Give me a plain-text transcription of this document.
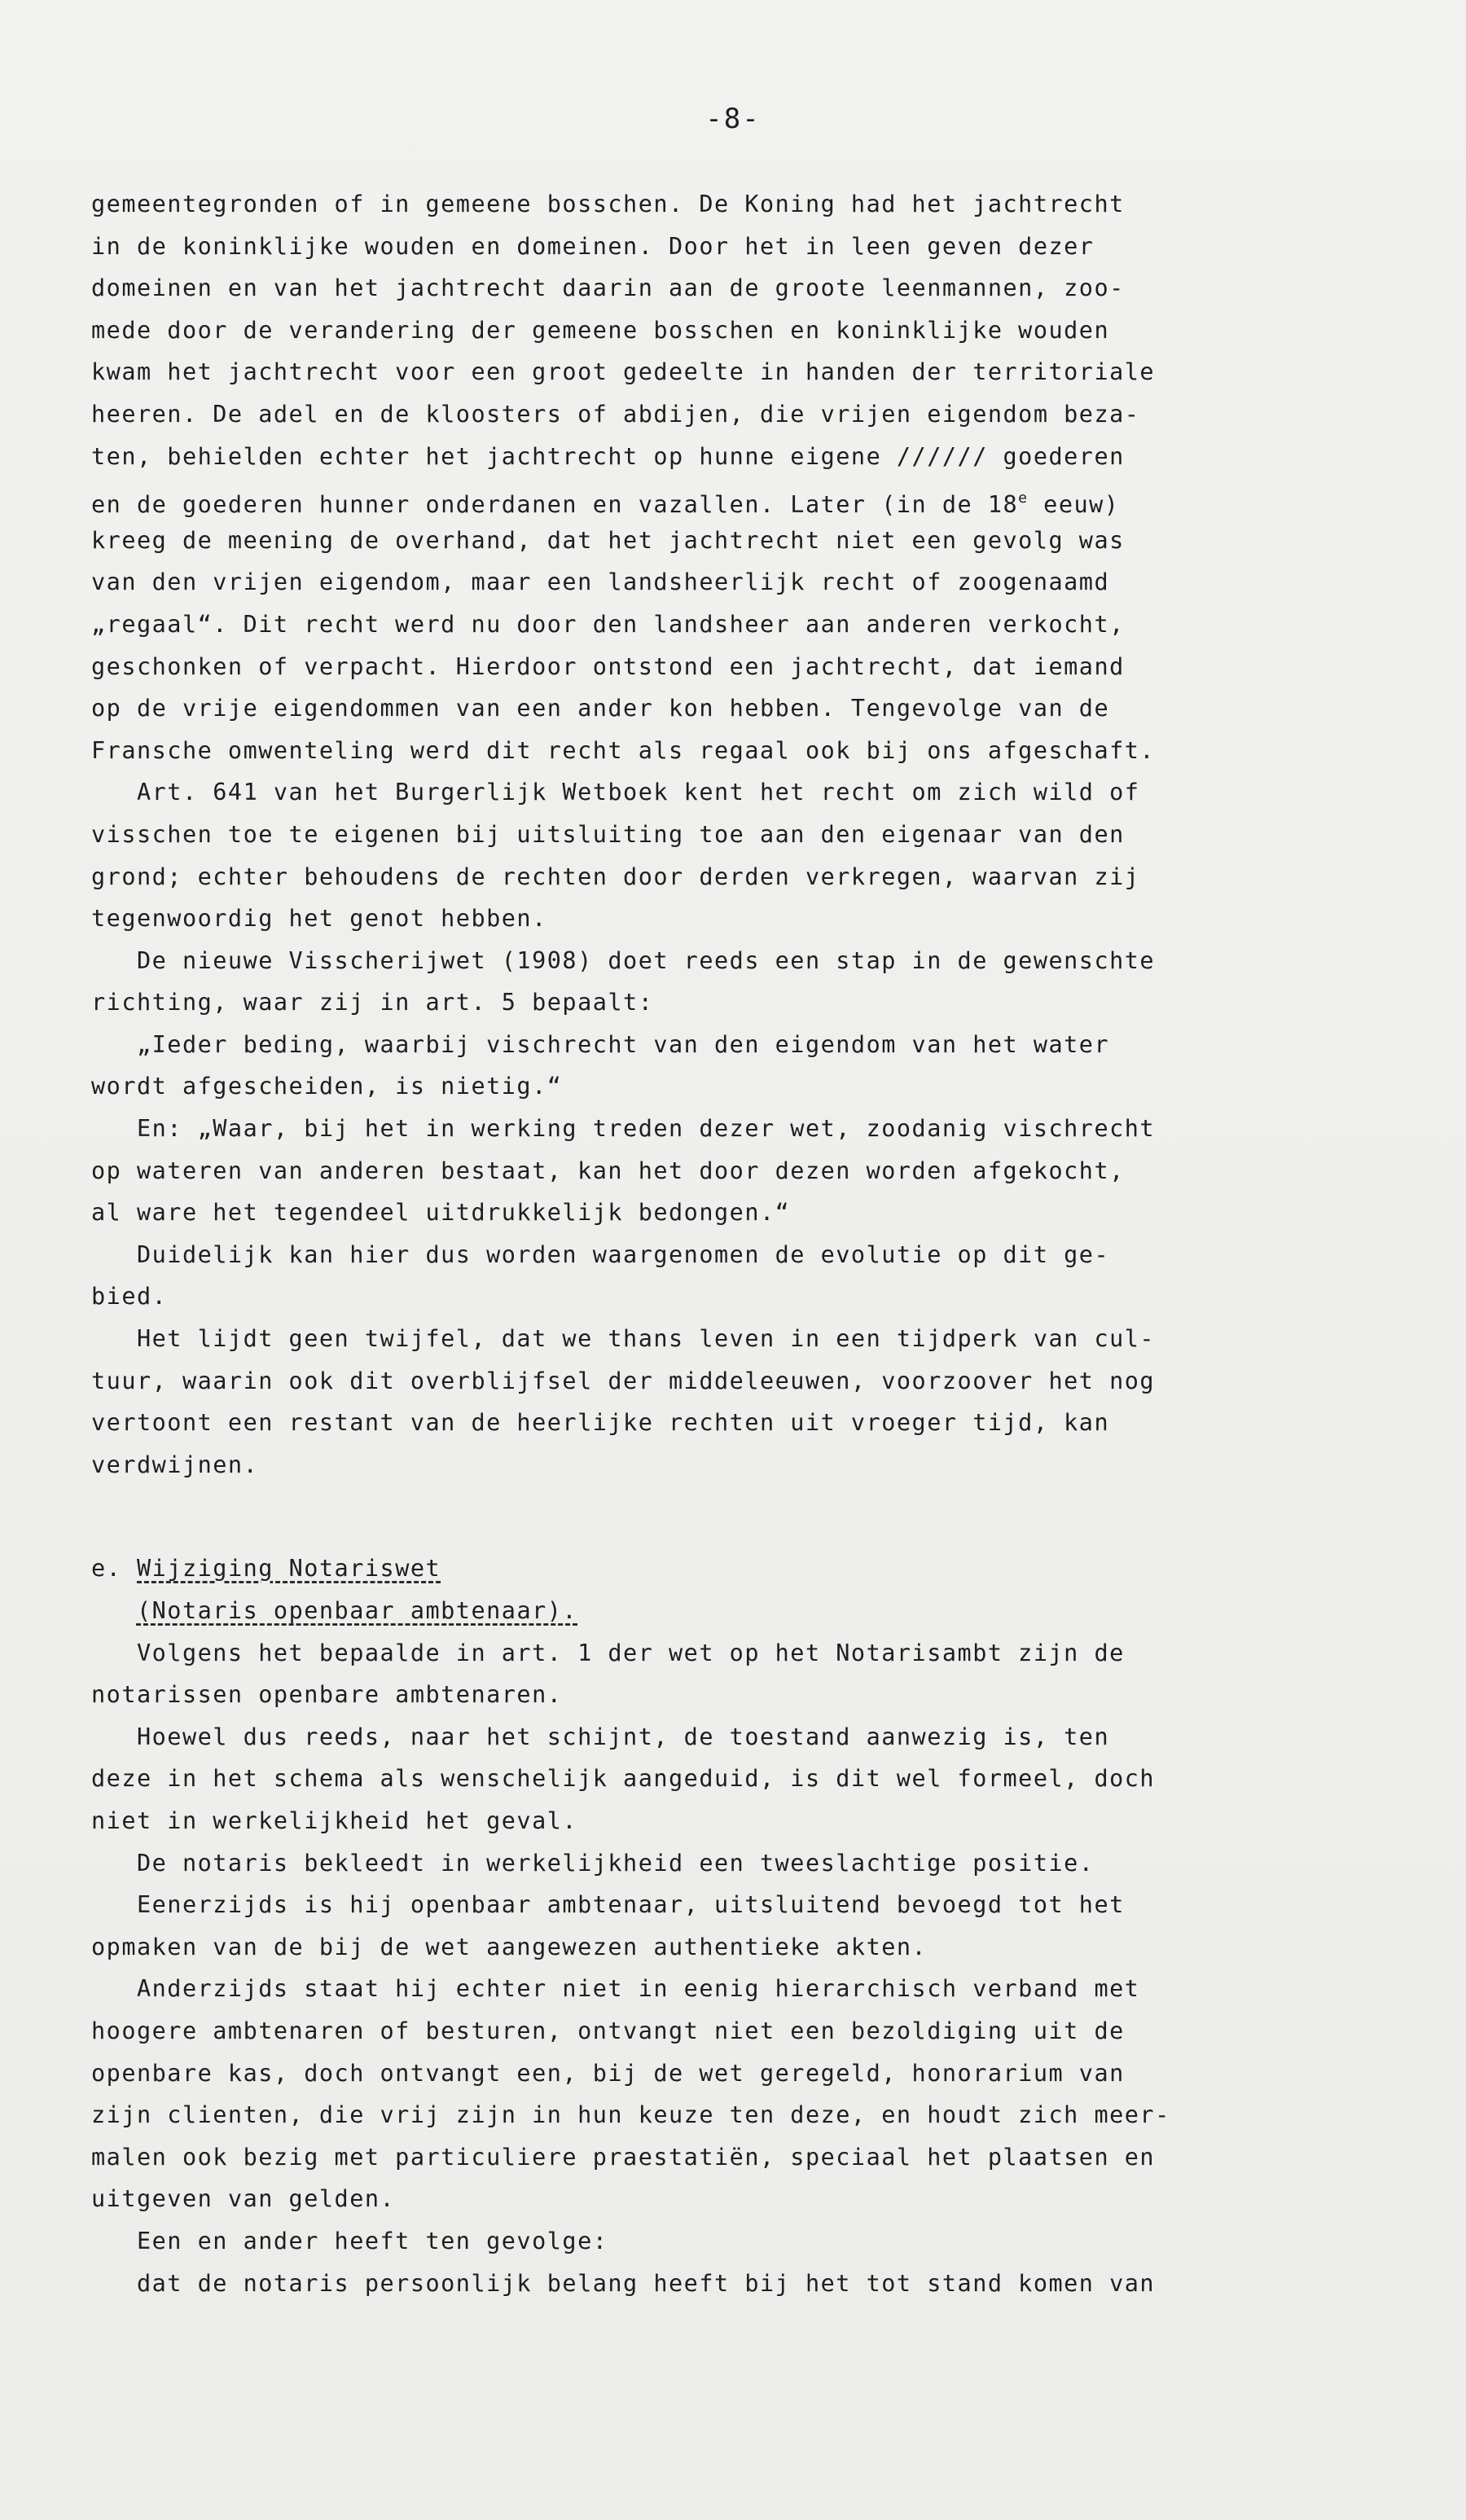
-8-
gemeentegronden of in gemeene bosschen. De Koning had het jachtrecht
in de koninklijke wouden en domeinen. Door het in leen geven dezer
domeinen en van het jachtrecht daarin aan de groote leenmannen, zoo-
mede door de verandering der gemeene bosschen en koninklijke wouden
kwam het jachtrecht voor een groot gedeelte in handen der territoriale
heeren. De adel en de kloosters of abdijen, die vrijen eigendom beza-
ten, behielden echter het jachtrecht op hunne eigene ////// goederen
en de goederen hunner onderdanen en vazallen. Later (in de 18e eeuw)
kreeg de meening de overhand, dat het jachtrecht niet een gevolg was
van den vrijen eigendom, maar een landsheerlijk recht of zoogenaamd
„regaal“. Dit recht werd nu door den landsheer aan anderen verkocht,
geschonken of verpacht. Hierdoor ontstond een jachtrecht, dat iemand
op de vrije eigendommen van een ander kon hebben. Tengevolge van de
Fransche omwenteling werd dit recht als regaal ook bij ons afgeschaft.
Art. 641 van het Burgerlijk Wetboek kent het recht om zich wild of
visschen toe te eigenen bij uitsluiting toe aan den eigenaar van den
grond; echter behoudens de rechten door derden verkregen, waarvan zij
tegenwoordig het genot hebben.
De nieuwe Visscherijwet (1908) doet reeds een stap in de gewenschte
richting, waar zij in art. 5 bepaalt:
„Ieder beding, waarbij vischrecht van den eigendom van het water
wordt afgescheiden, is nietig.“
En: „Waar, bij het in werking treden dezer wet, zoodanig vischrecht
op wateren van anderen bestaat, kan het door dezen worden afgekocht,
al ware het tegendeel uitdrukkelijk bedongen.“
Duidelijk kan hier dus worden waargenomen de evolutie op dit ge-
bied.
Het lijdt geen twijfel, dat we thans leven in een tijdperk van cul-
tuur, waarin ook dit overblijfsel der middeleeuwen, voorzoover het nog
vertoont een restant van de heerlijke rechten uit vroeger tijd, kan
verdwijnen.
e. Wijziging Notariswet
(Notaris openbaar ambtenaar).
Volgens het bepaalde in art. 1 der wet op het Notarisambt zijn de
notarissen openbare ambtenaren.
Hoewel dus reeds, naar het schijnt, de toestand aanwezig is, ten
deze in het schema als wenschelijk aangeduid, is dit wel formeel, doch
niet in werkelijkheid het geval.
De notaris bekleedt in werkelijkheid een tweeslachtige positie.
Eenerzijds is hij openbaar ambtenaar, uitsluitend bevoegd tot het
opmaken van de bij de wet aangewezen authentieke akten.
Anderzijds staat hij echter niet in eenig hierarchisch verband met
hoogere ambtenaren of besturen, ontvangt niet een bezoldiging uit de
openbare kas, doch ontvangt een, bij de wet geregeld, honorarium van
zijn clienten, die vrij zijn in hun keuze ten deze, en houdt zich meer-
malen ook bezig met particuliere praestatiën, speciaal het plaatsen en
uitgeven van gelden.
Een en ander heeft ten gevolge:
dat de notaris persoonlijk belang heeft bij het tot stand komen van
